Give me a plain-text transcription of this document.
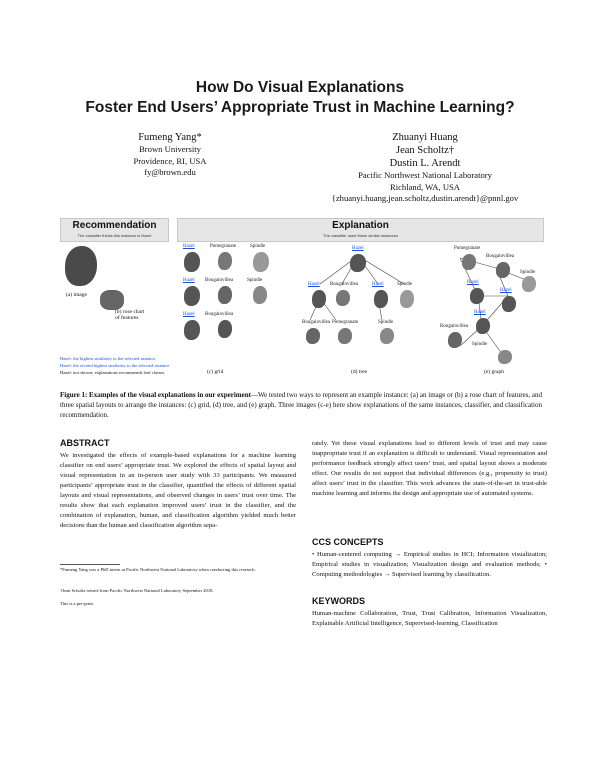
How Do Visual Explanations
Foster End Users’ Appropriate Trust in Machine Learning?
Fumeng Yang*
Brown University
Providence, RI, USA
fy@brown.edu
Zhuanyi Huang
Jean Scholtz†
Dustin L. Arendt
Pacific Northwest National Laboratory
Richland, WA, USA
{zhuanyi.huang,jean.scholtz,dustin.arendt}@pnnl.gov
Recommendation
The classifier thinks this instance is Hazel
Explanation
The classifier used these similar instances
(a) image
(b) rose chart
of features
Hazel: the highest similarity to the selected instance
Hazel: the second highest similarity to the selected instance
Hazel: not shown; explanations recommends leaf classes
Hazel	Pomegranate	Spindle
Hazel Bougainvillea	Spindle
Hazel Bougainvillea
(c) grid
Hazel
Hazel Bougainvillea	Hazel	Spindle
Bougainvillea Pomegranate	Spindle
(d) tree
Pomegranate
Bougainvillea
Spindle
Hazel
Hazel
Hazel
Bougainvillea
Spindle
(e) graph
Figure 1: Examples of the visual explanations in our experiment—We tested two ways to represent an example instance: (a) an image or (b) a rose chart of features, and three spatial layouts to arrange the instances: (c) grid, (d) tree, and (e) graph. Three images (c-e) here show explanations of the same instances, classifier, and classification recommendation.
ABSTRACT
We investigated the effects of example-based explanations for a machine learning classifier on end users’ appropriate trust. We explored the effects of spatial layout and visual representation in an in-person user study with 33 participants. We measured participants’ appropriate trust in the classifier, quantified the effects of different spatial layouts and visual representations, and observed changes in users’ trust over time. The results show that each explanation improved users’ trust in the classifier, and the combination of explanation, human, and classification algorithm yielded much better decisions than the human and classification algorithm sepa-
*Fumeng Yang was a PhD intern at Pacific Northwest National Laboratory when conducting this research.
†Jean Scholtz retired from Pacific Northwest National Laboratory September 2018.
This is a pre-print.
rately. Yet these visual explanations lead to different levels of trust and may cause inappropriate trust if an explanation is difficult to understand. Visual representation and performance feedback strongly affect users’ trust, and spatial layout shows a moderate effect. Our results do not support that individual differences (e.g., propensity to trust) affect users’ trust in the classifier. This work advances the state-of-the-art in trust-able machine learning and informs the design and appropriate use of automated systems.
CCS CONCEPTS
• Human-centered computing → Empirical studies in HCI; Information visualization; Empirical studies in visualization; Visualization design and evaluation methods; • Computing methodologies → Supervised learning by classification.
KEYWORDS
Human-machine Collaboration, Trust, Trust Calibration, Information Visualization, Explainable Artificial Intelligence, Supervised-learning, Classification
